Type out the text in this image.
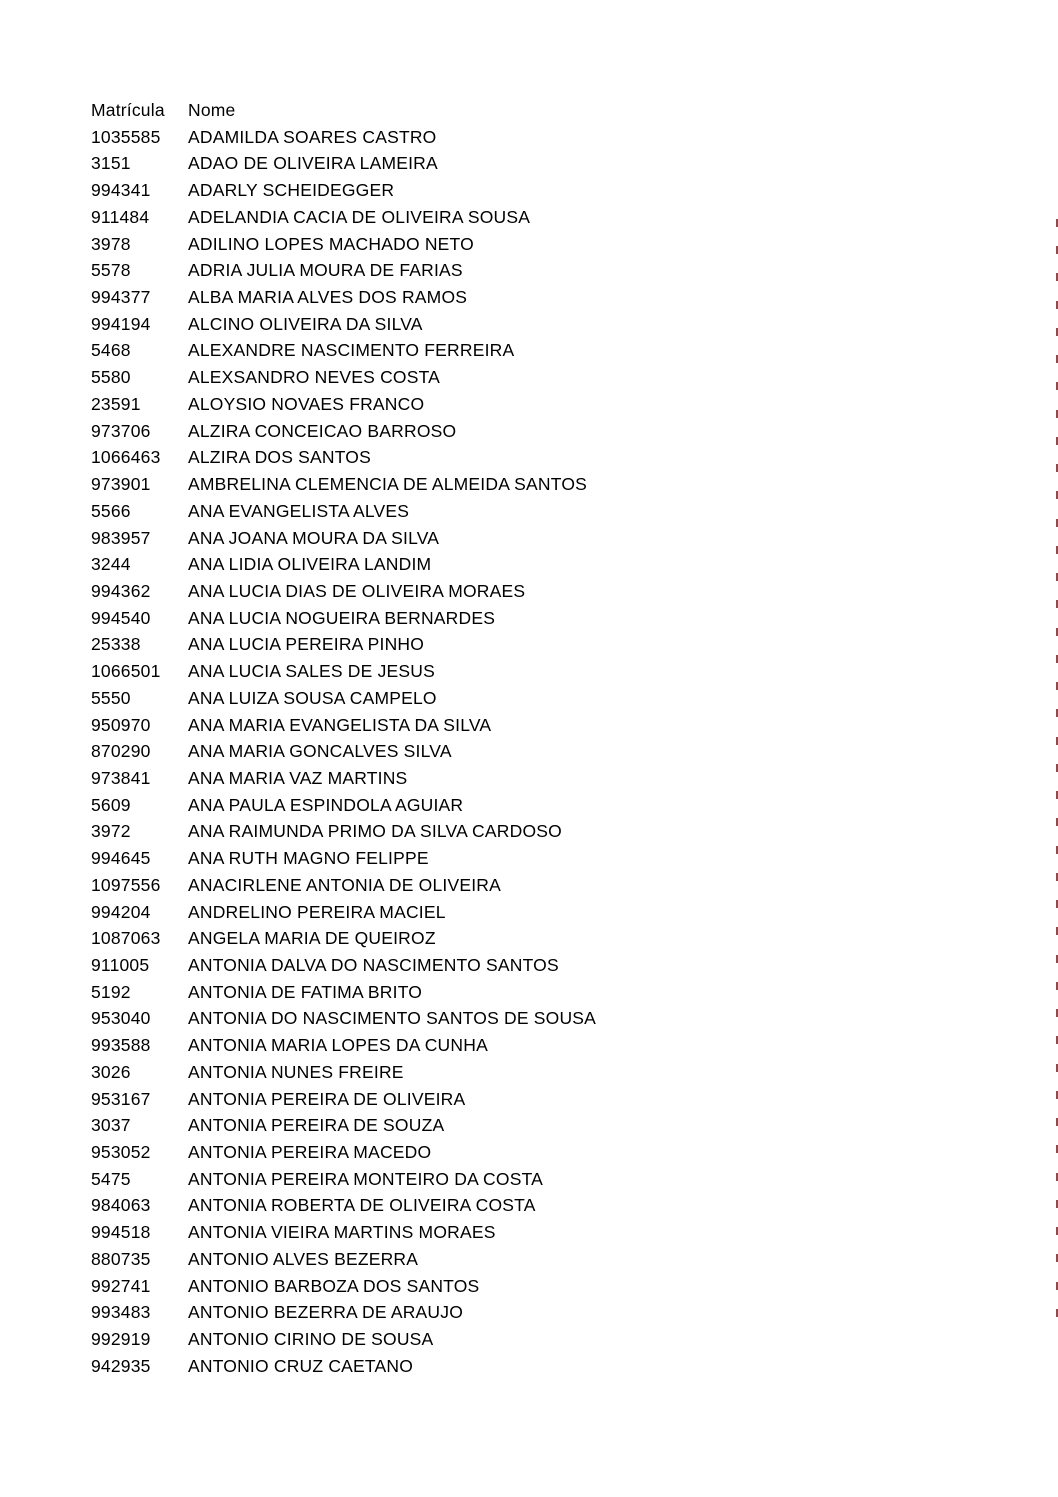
Matrícula	Nome
1035585	ADAMILDA SOARES CASTRO
3151	ADAO DE OLIVEIRA LAMEIRA
994341	ADARLY SCHEIDEGGER
911484	ADELANDIA CACIA DE OLIVEIRA SOUSA
3978	ADILINO LOPES MACHADO NETO
5578	ADRIA JULIA MOURA DE FARIAS
994377	ALBA MARIA ALVES DOS RAMOS
994194	ALCINO OLIVEIRA DA SILVA
5468	ALEXANDRE NASCIMENTO FERREIRA
5580	ALEXSANDRO NEVES COSTA
23591	ALOYSIO NOVAES FRANCO
973706	ALZIRA CONCEICAO BARROSO
1066463	ALZIRA DOS SANTOS
973901	AMBRELINA CLEMENCIA DE ALMEIDA SANTOS
5566	ANA EVANGELISTA ALVES
983957	ANA JOANA MOURA DA SILVA
3244	ANA LIDIA OLIVEIRA LANDIM
994362	ANA LUCIA DIAS DE OLIVEIRA MORAES
994540	ANA LUCIA NOGUEIRA BERNARDES
25338	ANA LUCIA PEREIRA PINHO
1066501	ANA LUCIA SALES DE JESUS
5550	ANA LUIZA SOUSA CAMPELO
950970	ANA MARIA EVANGELISTA DA SILVA
870290	ANA MARIA GONCALVES SILVA
973841	ANA MARIA VAZ MARTINS
5609	ANA PAULA ESPINDOLA AGUIAR
3972	ANA RAIMUNDA PRIMO DA SILVA CARDOSO
994645	ANA RUTH MAGNO FELIPPE
1097556	ANACIRLENE ANTONIA DE OLIVEIRA
994204	ANDRELINO PEREIRA MACIEL
1087063	ANGELA MARIA DE QUEIROZ
911005	ANTONIA DALVA DO NASCIMENTO SANTOS
5192	ANTONIA DE FATIMA BRITO
953040	ANTONIA DO NASCIMENTO SANTOS DE SOUSA
993588	ANTONIA MARIA LOPES DA CUNHA
3026	ANTONIA NUNES FREIRE
953167	ANTONIA PEREIRA DE OLIVEIRA
3037	ANTONIA PEREIRA DE SOUZA
953052	ANTONIA PEREIRA MACEDO
5475	ANTONIA PEREIRA MONTEIRO DA COSTA
984063	ANTONIA ROBERTA DE OLIVEIRA COSTA
994518	ANTONIA VIEIRA MARTINS MORAES
880735	ANTONIO ALVES BEZERRA
992741	ANTONIO BARBOZA DOS SANTOS
993483	ANTONIO BEZERRA DE ARAUJO
992919	ANTONIO CIRINO DE SOUSA
942935	ANTONIO CRUZ CAETANO
